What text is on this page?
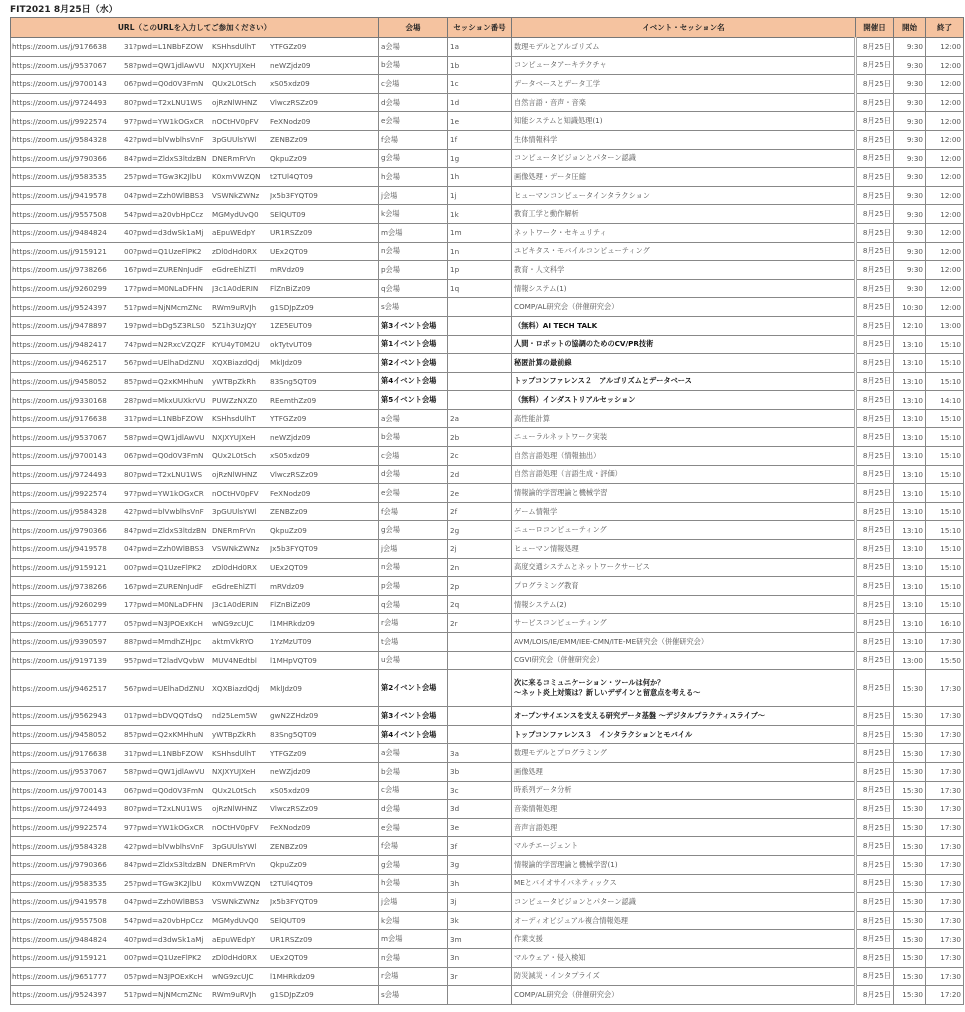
FIT2021 8月25日（水）
URL（このURLを入力してご参加ください）	会場	セッション番号	イベント・セッション名	開催日	開始	終了

https://zoom.us/j/9176638 31?pwd=L1NBbFZOW KSHhsdUlhT YTFGZz09	a会場	1a	数理モデルとアルゴリズム	8月25日	9:30	12:00

https://zoom.us/j/9537067 58?pwd=QW1jdlAwVU NXJXYUJXeH neWZjdz09	b会場	1b	コンピュータアーキテクチャ	8月25日	9:30	12:00

https://zoom.us/j/9700143 06?pwd=Q0d0V3FmN QUx2L0tSch xS05xdz09	c会場	1c	データベースとデータ工学	8月25日	9:30	12:00

https://zoom.us/j/9724493 80?pwd=T2xLNU1WS ojRzNlWHNZ VlwczRSZz09	d会場	1d	自然言語・音声・音楽	8月25日	9:30	12:00

https://zoom.us/j/9922574 97?pwd=YW1kOGxCR nOCtHV0pFV FeXNodz09	e会場	1e	知能システムと知識処理(1)	8月25日	9:30	12:00

https://zoom.us/j/9584328 42?pwd=blVwblhsVnF 3pGUUlsYWl ZENBZz09	f会場	1f	生体情報科学	8月25日	9:30	12:00

https://zoom.us/j/9790366 84?pwd=ZldxS3ltdzBN DNERmFrVn QkpuZz09	g会場	1g	コンピュータビジョンとパターン認識	8月25日	9:30	12:00

https://zoom.us/j/9583535 25?pwd=TGw3K2JlbU K0xmVWZQN t2TUl4QT09	h会場	1h	画像処理・データ圧縮	8月25日	9:30	12:00

https://zoom.us/j/9419578 04?pwd=Zzh0WlBBS3 VSWNkZWNz Jx5b3FYQT09	j会場	1j	ヒューマンコンピュータインタラクション	8月25日	9:30	12:00

https://zoom.us/j/9557508 54?pwd=a20vbHpCcz MGMydUvQ0 SElQUT09	k会場	1k	教育工学と動作解析	8月25日	9:30	12:00

https://zoom.us/j/9484824 40?pwd=d3dwSk1aMj aEpuWEdpY UR1RSZz09	m会場	1m	ネットワーク・セキュリティ	8月25日	9:30	12:00

https://zoom.us/j/9159121 00?pwd=Q1UzeFlPK2 zDl0dHd0RX UEx2QT09	n会場	1n	ユビキタス・モバイルコンピューティング	8月25日	9:30	12:00

https://zoom.us/j/9738266 16?pwd=ZURENnJudF eGdreEhlZTl mRVdz09	p会場	1p	教育・人文科学	8月25日	9:30	12:00

https://zoom.us/j/9260299 17?pwd=M0NLaDFHN J3c1A0dERIN FlZnBiZz09	q会場	1q	情報システム(1)	8月25日	9:30	12:00

https://zoom.us/j/9524397 51?pwd=NjNMcmZNc RWm9uRVJh g1SDJpZz09	s会場		COMP/AL研究会（併催研究会）	8月25日	10:30	12:00

https://zoom.us/j/9478897 19?pwd=bDg5Z3RLS0 5Z1h3UzJQY 1ZE5EUT09	第3イベント会場		（無料）AI TECH TALK	8月25日	12:10	13:00

https://zoom.us/j/9482417 74?pwd=N2RxcVZQZF KYU4yT0M2U okTytvUT09	第1イベント会場		人間・ロボットの協調のためのCV/PR技術	8月25日	13:10	15:10

https://zoom.us/j/9462517 56?pwd=UElhaDdZNU XQXBiazdQdj MklJdz09	第2イベント会場		秘匿計算の最前線	8月25日	13:10	15:10

https://zoom.us/j/9458052 85?pwd=Q2xKMHhuN yWTBpZkRh 83Sng5QT09	第4イベント会場		トップコンファレンス２　アルゴリズムとデータベース	8月25日	13:10	15:10

https://zoom.us/j/9330168 28?pwd=MkxUUXkrVU PUWZzNXZ0 REemthZz09	第5イベント会場		（無料）インダストリアルセッション	8月25日	13:10	14:10

https://zoom.us/j/9176638 31?pwd=L1NBbFZOW KSHhsdUlhT YTFGZz09	a会場	2a	高性能計算	8月25日	13:10	15:10

https://zoom.us/j/9537067 58?pwd=QW1jdlAwVU NXJXYUJXeH neWZjdz09	b会場	2b	ニューラルネットワーク実装	8月25日	13:10	15:10

https://zoom.us/j/9700143 06?pwd=Q0d0V3FmN QUx2L0tSch xS05xdz09	c会場	2c	自然言語処理（情報抽出）	8月25日	13:10	15:10

https://zoom.us/j/9724493 80?pwd=T2xLNU1WS ojRzNlWHNZ VlwczRSZz09	d会場	2d	自然言語処理（言語生成・評価）	8月25日	13:10	15:10

https://zoom.us/j/9922574 97?pwd=YW1kOGxCR nOCtHV0pFV FeXNodz09	e会場	2e	情報論的学習理論と機械学習	8月25日	13:10	15:10

https://zoom.us/j/9584328 42?pwd=blVwblhsVnF 3pGUUlsYWl ZENBZz09	f会場	2f	ゲーム情報学	8月25日	13:10	15:10

https://zoom.us/j/9790366 84?pwd=ZldxS3ltdzBN DNERmFrVn QkpuZz09	g会場	2g	ニューロコンピューティング	8月25日	13:10	15:10

https://zoom.us/j/9419578 04?pwd=Zzh0WlBBS3 VSWNkZWNz Jx5b3FYQT09	j会場	2j	ヒューマン情報処理	8月25日	13:10	15:10

https://zoom.us/j/9159121 00?pwd=Q1UzeFlPK2 zDl0dHd0RX UEx2QT09	n会場	2n	高度交通システムとネットワークサービス	8月25日	13:10	15:10

https://zoom.us/j/9738266 16?pwd=ZURENnJudF eGdreEhlZTl mRVdz09	p会場	2p	プログラミング教育	8月25日	13:10	15:10

https://zoom.us/j/9260299 17?pwd=M0NLaDFHN J3c1A0dERIN FlZnBiZz09	q会場	2q	情報システム(2)	8月25日	13:10	15:10

https://zoom.us/j/9651777 05?pwd=N3JPOExKcH wNG9zcUJC l1MHRkdz09	r会場	2r	サービスコンピューティング	8月25日	13:10	16:10

https://zoom.us/j/9390597 88?pwd=MmdhZHJpc aktmVkRYO 1YzMzUT09	t会場		AVM/LOIS/IE/EMM/IEE-CMN/ITE-ME研究会（併催研究会）	8月25日	13:10	17:30

https://zoom.us/j/9197139 95?pwd=T2ladVQvbW MUV4NEdtbl l1MHpVQT09	u会場		CGVI研究会（併催研究会）	8月25日	13:00	15:50

https://zoom.us/j/9462517 56?pwd=UElhaDdZNU XQXBiazdQdj MklJdz09	第2イベント会場		次に来るコミュニケーション・ツールは何か？
～ネット炎上対策は？新しいデザインと留意点を考える～	8月25日	15:30	17:30

https://zoom.us/j/9562943 01?pwd=bDVQQTdsQ nd25Lem5W gwN2ZHdz09	第3イベント会場		オープンサイエンスを支える研究データ基盤 ～デジタルプラクティスライブ～	8月25日	15:30	17:30

https://zoom.us/j/9458052 85?pwd=Q2xKMHhuN yWTBpZkRh 83Sng5QT09	第4イベント会場		トップコンファレンス３　インタラクションとモバイル	8月25日	15:30	17:30

https://zoom.us/j/9176638 31?pwd=L1NBbFZOW KSHhsdUlhT YTFGZz09	a会場	3a	数理モデルとプログラミング	8月25日	15:30	17:30

https://zoom.us/j/9537067 58?pwd=QW1jdlAwVU NXJXYUJXeH neWZjdz09	b会場	3b	画像処理	8月25日	15:30	17:30

https://zoom.us/j/9700143 06?pwd=Q0d0V3FmN QUx2L0tSch xS05xdz09	c会場	3c	時系列データ分析	8月25日	15:30	17:30

https://zoom.us/j/9724493 80?pwd=T2xLNU1WS ojRzNlWHNZ VlwczRSZz09	d会場	3d	音楽情報処理	8月25日	15:30	17:30

https://zoom.us/j/9922574 97?pwd=YW1kOGxCR nOCtHV0pFV FeXNodz09	e会場	3e	音声言語処理	8月25日	15:30	17:30

https://zoom.us/j/9584328 42?pwd=blVwblhsVnF 3pGUUlsYWl ZENBZz09	f会場	3f	マルチエージェント	8月25日	15:30	17:30

https://zoom.us/j/9790366 84?pwd=ZldxS3ltdzBN DNERmFrVn QkpuZz09	g会場	3g	情報論的学習理論と機械学習(1)	8月25日	15:30	17:30

https://zoom.us/j/9583535 25?pwd=TGw3K2JlbU K0xmVWZQN t2TUl4QT09	h会場	3h	MEとバイオサイバネティックス	8月25日	15:30	17:30

https://zoom.us/j/9419578 04?pwd=Zzh0WlBBS3 VSWNkZWNz Jx5b3FYQT09	j会場	3j	コンピュータビジョンとパターン認識	8月25日	15:30	17:30

https://zoom.us/j/9557508 54?pwd=a20vbHpCcz MGMydUvQ0 SElQUT09	k会場	3k	オーディオビジュアル複合情報処理	8月25日	15:30	17:30

https://zoom.us/j/9484824 40?pwd=d3dwSk1aMj aEpuWEdpY UR1RSZz09	m会場	3m	作業支援	8月25日	15:30	17:30

https://zoom.us/j/9159121 00?pwd=Q1UzeFlPK2 zDl0dHd0RX UEx2QT09	n会場	3n	マルウェア・侵入検知	8月25日	15:30	17:30

https://zoom.us/j/9651777 05?pwd=N3JPOExKcH wNG9zcUJC l1MHRkdz09	r会場	3r	防災減災・インタプライズ	8月25日	15:30	17:30

https://zoom.us/j/9524397 51?pwd=NjNMcmZNc RWm9uRVJh g1SDJpZz09	s会場		COMP/AL研究会（併催研究会）	8月25日	15:30	17:20
